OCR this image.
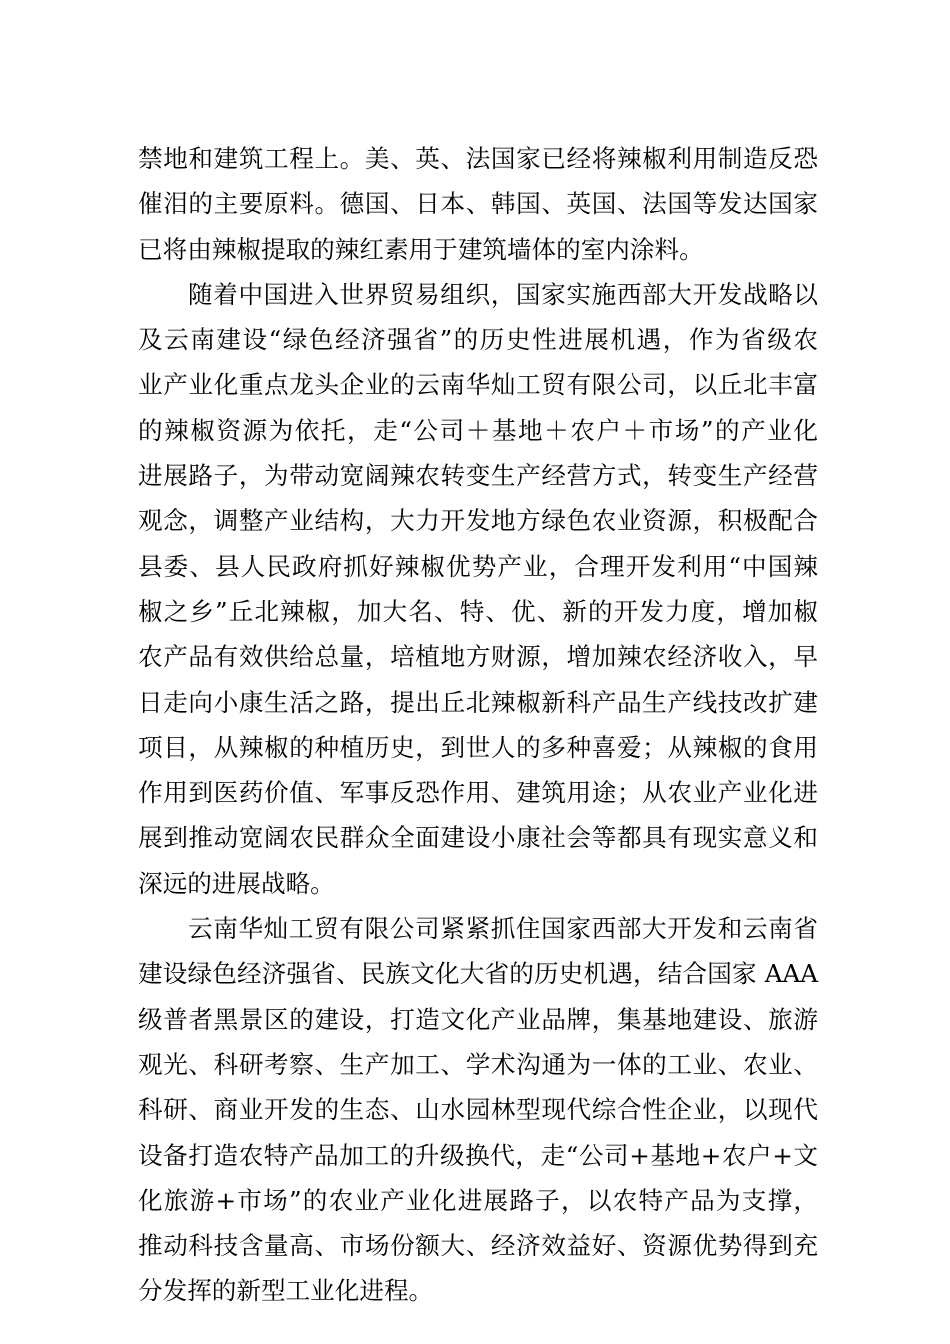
禁地和建筑工程上。美、英、法国家已经将辣椒利用制造反恐
催泪的主要原料。德国、日本、韩国、英国、法国等发达国家
已将由辣椒提取的辣红素用于建筑墙体的室内涂料。
随着中国进入世界贸易组织，国家实施西部大开发战略以
及云南建设“绿色经济强省”的历史性进展机遇，作为省级农
业产业化重点龙头企业的云南华灿工贸有限公司，以丘北丰富
的辣椒资源为依托，走“公司＋基地＋农户＋市场”的产业化
进展路子，为带动宽阔辣农转变生产经营方式，转变生产经营
观念，调整产业结构，大力开发地方绿色农业资源，积极配合
县委、县人民政府抓好辣椒优势产业，合理开发利用“中国辣
椒之乡”丘北辣椒，加大名、特、优、新的开发力度，增加椒
农产品有效供给总量，培植地方财源，增加辣农经济收入，早
日走向小康生活之路，提出丘北辣椒新科产品生产线技改扩建
项目，从辣椒的种植历史，到世人的多种喜爱；从辣椒的食用
作用到医药价值、军事反恐作用、建筑用途；从农业产业化进
展到推动宽阔农民群众全面建设小康社会等都具有现实意义和
深远的进展战略。
云南华灿工贸有限公司紧紧抓住国家西部大开发和云南省
建设绿色经济强省、民族文化大省的历史机遇，结合国家 AAA
级普者黑景区的建设，打造文化产业品牌，集基地建设、旅游
观光、科研考察、生产加工、学术沟通为一体的工业、农业、
科研、商业开发的生态、山水园林型现代综合性企业，以现代
设备打造农特产品加工的升级换代，走“公司+基地+农户+文
化旅游+市场”的农业产业化进展路子，以农特产品为支撑，
推动科技含量高、市场份额大、经济效益好、资源优势得到充
分发挥的新型工业化进程。
